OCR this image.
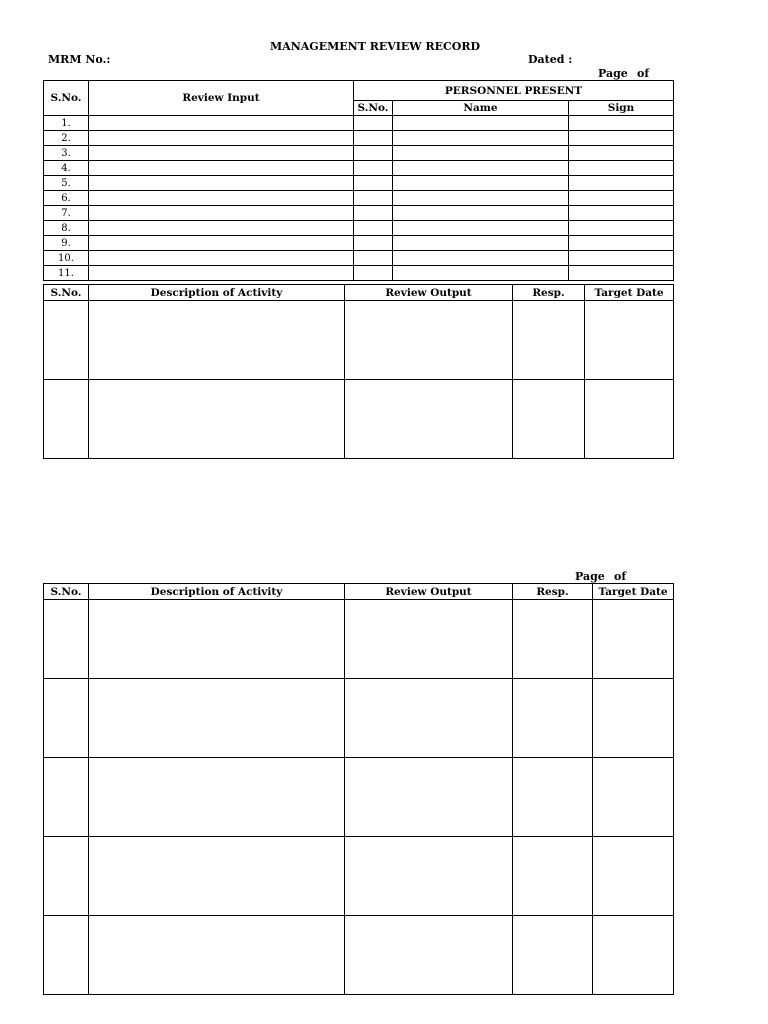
MANAGEMENT REVIEW RECORD
MRM No.:	Dated :
Page of
S.No.	Review Input	PERSONNEL PRESENT		
		S.No.	Name	Sign
1.				
2.				
3.				
4.				
5.				
6.				
7.				
8.				
9.				
10.				
11.				
S.No.	Description of Activity	Review Output	Resp.	Target Date

Page of
S.No.	Description of Activity	Review Output	Resp.	Target Date
